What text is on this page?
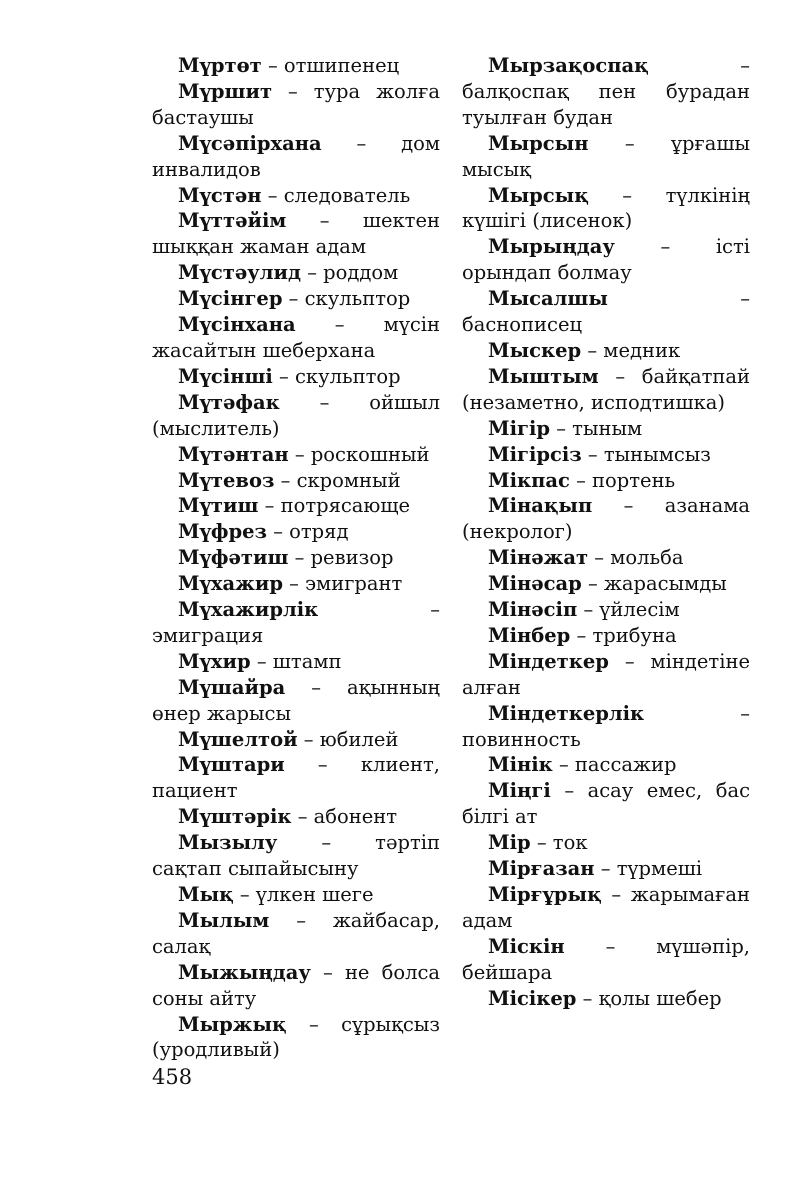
Мүртөт – отшипенец

Мүршит – тура жолға бастаушы

Мүсәпірхана – дом инвалидов

Мүстән – следователь

Мүттәйім – шектен шыққан жаман адам

Мүстәулид – роддом

Мүсінгер – скульптор

Мүсінхана – мүсін жасайтын шеберхана

Мүсінші – скульптор

Мүтәфак – ойшыл (мыслитель)

Мүтәнтан – роскошный

Мүтевоз – скромный

Мүтиш – потрясающе

Мүфрез – отряд

Мүфәтиш – ревизор

Мүхажир – эмигрант

Мүхажирлік	– эмиграция

Мүхир – штамп

Мүшайра – ақынның өнер жарысы

Мүшелтой – юбилей

Мүштари – клиент, пациент

Мүштәрік – абонент

Мызылу – тәртіп сақтап сыпайысыну

Мық – үлкен шеге

Мылым – жайбасар, салақ

Мыжыңдау – не болса соны айту

Мыржық – сұрықсыз (уродливый)

Мырзақоспақ	– балқоспақ пен бурадан туылған будан

Мырсын – ұрғашы мысық

Мырсық – түлкінің күшігі (лисенок)

Мырыңдау – істі орындап болмау

Мысалшы	– баснописец

Мыскер – медник

Мыштым – байқатпай (незаметно, исподтишка)

Мігір – тыным

Мігірсіз – тынымсыз

Мікпас – портень

Мінақып – азанама (некролог)

Мінәжат – мольба

Мінәсар – жарасымды

Мінәсіп – үйлесім

Мінбер – трибуна

Міндеткер – міндетіне алған

Міндеткерлік	– повинность

Мінік – пассажир

Міңгі – асау емес, бас білгі ат

Мір – ток

Мірғазан – түрмеші

Мірғұрық – жарымаған адам

Міскін – мүшәпір, бейшара

Місікер – қолы шебер

458
